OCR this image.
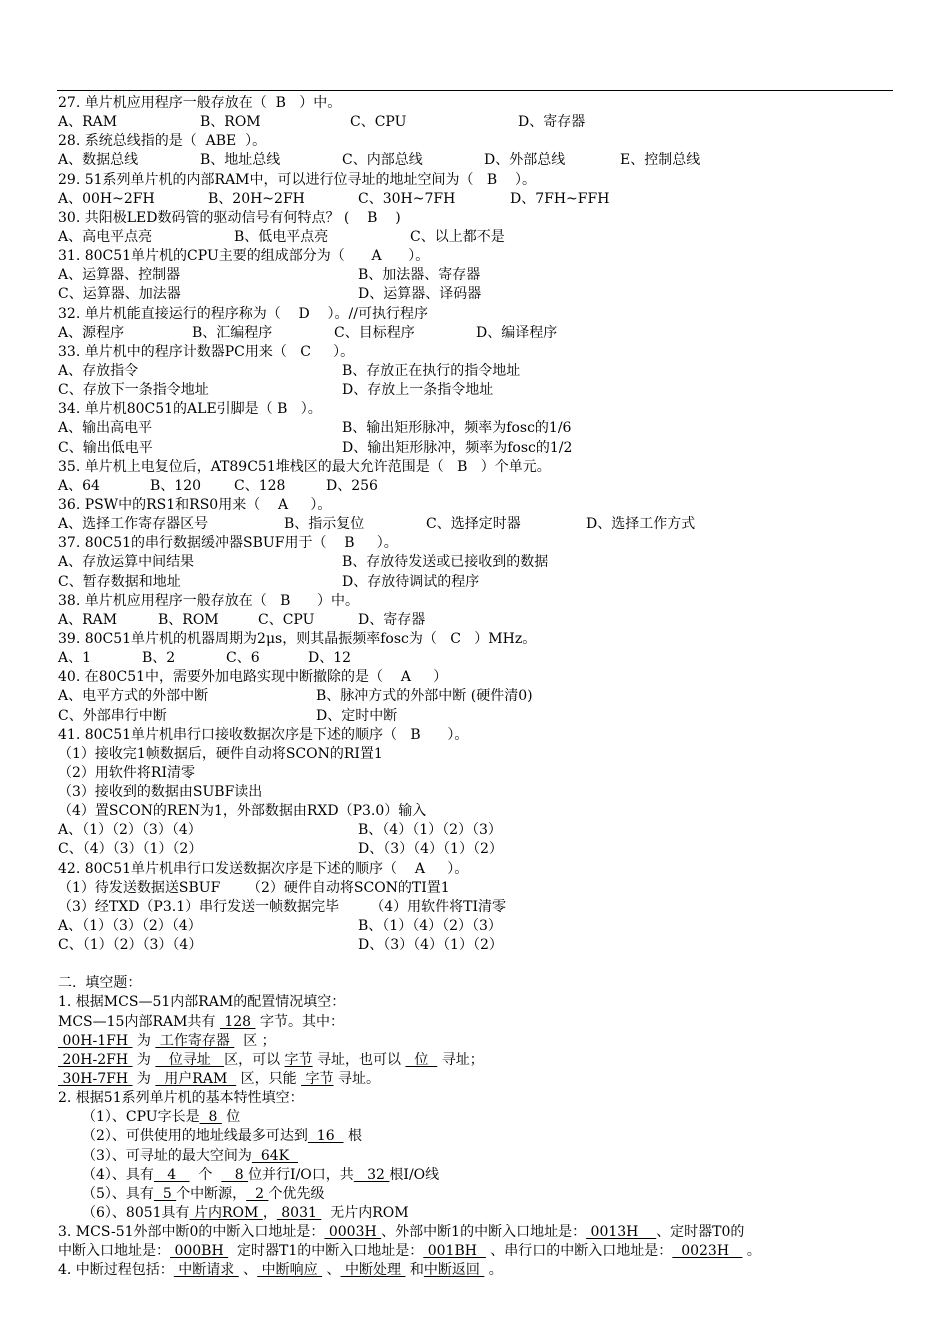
27. 单片机应用程序一般存放在（  B   ）中。

A、RAM

	B、ROM

	C、CPU

	D、寄存器

28. 系统总线指的是（  ABE  ）。

A、数据总线

	B、地址总线

	C、内部总线

	D、外部总线

	E、控制总线

29. 51系列单片机的内部RAM中，可以进行位寻址的地址空间为（   B    ）。

A、00H~2FH

	B、20H~2FH

	C、30H~7FH

	D、7FH~FFH

30. 共阳极LED数码管的驱动信号有何特点？ (    B    )

A、高电平点亮

	B、低电平点亮

	C、以上都不是

31. 80C51单片机的CPU主要的组成部分为（      A      ）。

A、运算器、控制器

	B、加法器、寄存器

C、运算器、加法器

	D、运算器、译码器

32. 单片机能直接运行的程序称为（    D    ）。//可执行程序

A、源程序

	B、汇编程序

	C、目标程序

	D、编译程序

33. 单片机中的程序计数器PC用来（   C     ）。

A、存放指令

	B、存放正在执行的指令地址

C、存放下一条指令地址

	D、存放上一条指令地址

34. 单片机80C51的ALE引脚是（ B   ）。

A、输出高电平

	B、输出矩形脉冲，频率为fosc的1/6

C、输出低电平

	D、输出矩形脉冲，频率为fosc的1/2

35. 单片机上电复位后，AT89C51堆栈区的最大允许范围是（   B   ）个单元。

A、64

	B、120

C、128

	D、256

36. PSW中的RS1和RS0用来（    A     ）。

A、选择工作寄存器区号

	B、指示复位

	C、选择定时器

	D、选择工作方式

37. 80C51的串行数据缓冲器SBUF用于（    B     ）。

A、存放运算中间结果

	B、存放待发送或已接收到的数据

C、暂存数据和地址

	D、存放待调试的程序

38. 单片机应用程序一般存放在（   B      ）中。

A、RAM

	B、ROM

	C、CPU

	D、寄存器

39. 80C51单片机的机器周期为2μs，则其晶振频率fosc为（   C   ）MHz。

A、1

	B、2

	C、6

	D、12

40. 在80C51中，需要外加电路实现中断撤除的是（    A     ）

A、电平方式的外部中断

	B、脉冲方式的外部中断 (硬件清0)

C、外部串行中断

	D、定时中断

41. 80C51单片机串行口接收数据次序是下述的顺序（   B      ）。
（1）接收完1帧数据后，硬件自动将SCON的RI置1
（2）用软件将RI清零
（3）接收到的数据由SUBF读出
（4）置SCON的REN为1，外部数据由RXD（P3.0）输入

A、（1）（2）（3）（4）

	B、（4）（1）（2）（3）

C、（4）（3）（1）（2）

	D、（3）（4）（1）（2）

42. 80C51单片机串行口发送数据次序是下述的顺序（    A     ）。
（1）待发送数据送SBUF      （2）硬件自动将SCON的TI置1
（3）经TXD（P3.1）串行发送一帧数据完毕       （4）用软件将TI清零

A、（1）（3）（2）（4）

	B、（1）（4）（2）（3）

C、（1）（2）（3）（4）

	D、（3）（4）（1）（2）

二.  填空题：
1. 根据MCS—51内部RAM的配置情况填空：
MCS—15内部RAM共有  128  字节。其中：
00H-1FH  为  工作寄存器   区 ；
20H-2FH  为    位寻址   区，可以 字节 寻址，也可以   位   寻址；
30H-7FH  为   用户RAM   区，只能  字节 寻址。
2. 根据51系列单片机的基本特性填空：
（1）、CPU字长是  8  位
（2）、可供使用的地址线最多可达到  16   根
（3）、可寻址的最大空间为  64K
（4）、具有   4     个     8 位并行I/O口，共   32 根I/O线
（5）、具有  5 个中断源，  2 个优先级
（6）、8051具有 片内ROM ， 8031   无片内ROM
3. MCS-51外部中断0的中断入口地址是： 0003H 、外部中断1的中断入口地址是： 0013H    、定时器T0的
中断入口地址是： 000BH   定时器T1的中断入口地址是： 001BH   、串行口的中断入口地址是：  0023H    。
4. 中断过程包括： 中断请求  、 中断响应  、 中断处理  和中断返回  。
